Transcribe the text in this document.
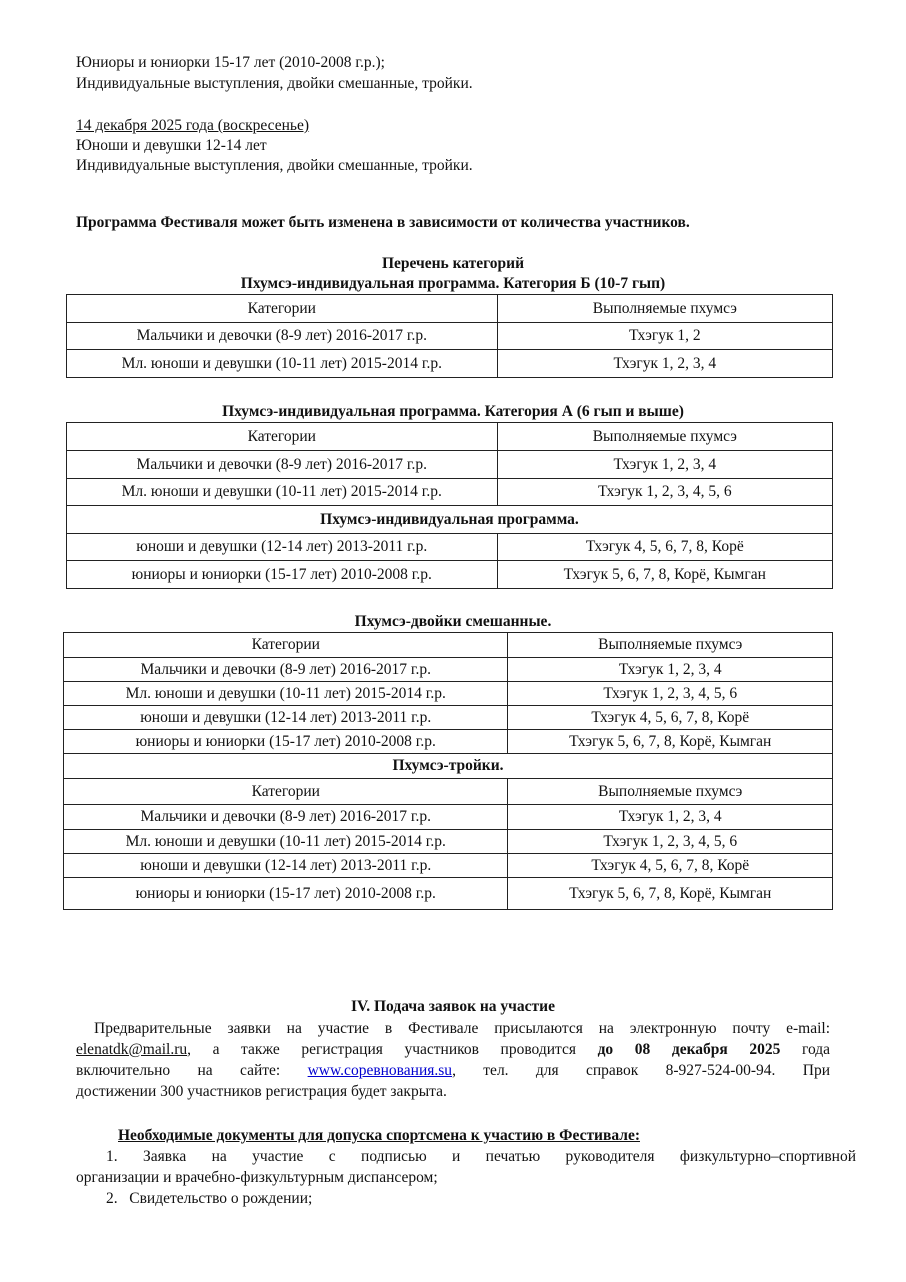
Юниоры и юниорки 15-17 лет (2010-2008 г.р.);
Индивидуальные выступления, двойки смешанные, тройки.
14 декабря 2025 года (воскресенье)
Юноши и девушки 12-14 лет
Индивидуальные выступления, двойки смешанные, тройки.
Программа Фестиваля может быть изменена в зависимости от количества участников.
Перечень категорий
Пхумсэ-индивидуальная программа. Категория Б (10-7 гып)
Категории	Выполняемые пхумсэ
Мальчики и девочки (8-9 лет) 2016-2017 г.р.	Тхэгук 1, 2
Мл. юноши и девушки (10-11 лет) 2015-2014 г.р.	Тхэгук 1, 2, 3, 4
Пхумсэ-индивидуальная программа. Категория А (6 гып и выше)
Категории	Выполняемые пхумсэ
Мальчики и девочки (8-9 лет) 2016-2017 г.р.	Тхэгук 1, 2, 3, 4
Мл. юноши и девушки (10-11 лет) 2015-2014 г.р.	Тхэгук 1, 2, 3, 4, 5, 6
Пхумсэ-индивидуальная программа.	
юноши и девушки (12-14 лет) 2013-2011 г.р.	Тхэгук 4, 5, 6, 7, 8, Корё
юниоры и юниорки (15-17 лет) 2010-2008 г.р.	Тхэгук 5, 6, 7, 8, Корё, Кымган
Пхумсэ-двойки смешанные.
Категории	Выполняемые пхумсэ
Мальчики и девочки (8-9 лет) 2016-2017 г.р.	Тхэгук 1, 2, 3, 4
Мл. юноши и девушки (10-11 лет) 2015-2014 г.р.	Тхэгук 1, 2, 3, 4, 5, 6
юноши и девушки (12-14 лет) 2013-2011 г.р.	Тхэгук 4, 5, 6, 7, 8, Корё
юниоры и юниорки (15-17 лет) 2010-2008 г.р.	Тхэгук 5, 6, 7, 8, Корё, Кымган
Пхумсэ-тройки.	
Категории	Выполняемые пхумсэ
Мальчики и девочки (8-9 лет) 2016-2017 г.р.	Тхэгук 1, 2, 3, 4
Мл. юноши и девушки (10-11 лет) 2015-2014 г.р.	Тхэгук 1, 2, 3, 4, 5, 6
юноши и девушки (12-14 лет) 2013-2011 г.р.	Тхэгук 4, 5, 6, 7, 8, Корё
юниоры и юниорки (15-17 лет) 2010-2008 г.р.	Тхэгук 5, 6, 7, 8, Корё, Кымган
IV. Подача заявок на участие
Предварительные заявки на участие в Фестивале присылаются на электронную почту e-mail:
elenatdk@mail.ru, а также регистрация участников проводится до 08 декабря 2025 года
включительно на сайте: www.соревнования.su, тел. для справок 8-927-524-00-94. При
достижении 300 участников регистрация будет закрыта.
Необходимые документы для допуска спортсмена к участию в Фестивале:
1. Заявка на участие с подписью и печатью руководителя физкультурно–спортивной
организации и врачебно-физкультурным диспансером;
2. Свидетельство о рождении;
